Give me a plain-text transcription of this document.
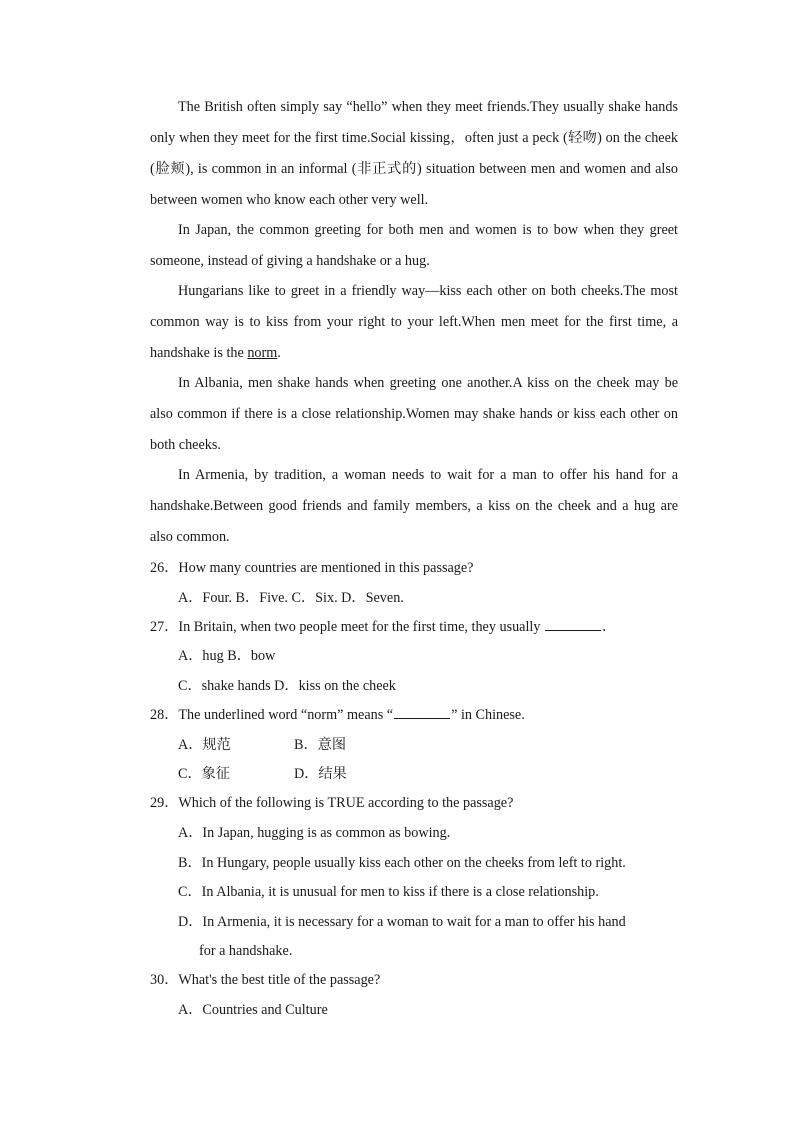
The British often simply say “hello” when they meet friends.They usually shake hands only when they meet for the first time.Social kissing，often just a peck (轻吻) on the cheek (脸颊), is common in an informal (非正式的) situation between men and women and also between women who know each other very well.

In Japan, the common greeting for both men and women is to bow when they greet someone, instead of giving a handshake or a hug.

Hungarians like to greet in a friendly way—kiss each other on both cheeks.The most common way is to kiss from your right to your left.When men meet for the first time, a handshake is the norm.

In Albania, men shake hands when greeting one another.A kiss on the cheek may be also common if there is a close relationship.Women may shake hands or kiss each other on both cheeks.

In Armenia, by tradition, a woman needs to wait for a man to offer his hand for a handshake.Between good friends and family members, a kiss on the cheek and a hug are also common.

26．How many countries are mentioned in this passage?
A．Four. B．Five. C．Six. D．Seven.
27．In Britain, when two people meet for the first time, they usually	．
A．hug B．bow
C．shake hands D．kiss on the cheek
28．The underlined word “norm” means “	” in Chinese.
A．规范	B．意图
C．象征	D．结果
29．Which of the following is TRUE according to the passage?
A．In Japan, hugging is as common as bowing.
B．In Hungary, people usually kiss each other on the cheeks from left to right.
C．In Albania, it is unusual for men to kiss if there is a close relationship.
D．In Armenia, it is necessary for a woman to wait for a man to offer his hand
for a handshake.
30．What's the best title of the passage?
A．Countries and Culture
